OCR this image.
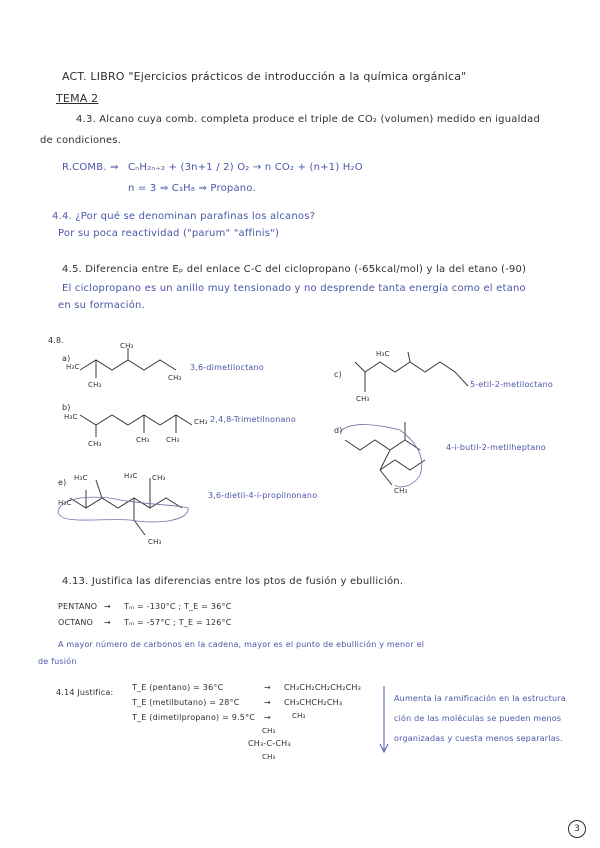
ACT. LIBRO "Ejercicios prácticos de introducción a la química orgánica"
TEMA 2
4.3. Alcano cuya comb. completa produce el triple de CO₂ (volumen) medido en igualdad
de condiciones.
R.COMB. ⇒ CₙH₂ₙ₊₂ + (3n+1 / 2) O₂ → n CO₂ + (n+1) H₂O
n = 3 ⇒ C₃H₈ ⇒ Propano.
4.4. ¿Por qué se denominan parafinas los alcanos?
Por su poca reactividad ("parum" "affinis")
4.5. Diferencia entre Eₚ del enlace C-C del ciclopropano (-65kcal/mol) y la del etano (-90)
El ciclopropano es un anillo muy tensionado y no desprende tanta energía como el etano
en su formación.
4.8.
a)
H₃C
CH₃
CH₃
CH₃
3,6-dimetiloctano
b)
H₃C
CH₃	CH₃ CH₃
CH₃ 2,4,8-Trimetilnonano
c)
H₃C
CH₃
5-etil-2-metiloctano
d)
CH₃
4-i-butil-2-metilheptano
e) H₃C	H₃C
H₃C
CH₃
CH₃
3,6-dietil-4-i-propilnonano
4.13. Justifica las diferencias entre los ptos de fusión y ebullición.
PENTANO → Tₘ = -130°C ; T_E = 36°C
OCTANO → Tₘ = -57°C ; T_E = 126°C
A mayor número de carbonos en la cadena, mayor es el punto de ebullición y menor el
de fusión
4.14 Justifica:
T_E (pentano) = 36°C
T_E (metilbutano) = 28°C
T_E (dimetilpropano) = 9.5°C
→ CH₃CH₂CH₂CH₂CH₃
→ CH₃CHCH₂CH₃
CH₃
→
CH₃
CH₃-C-CH₃
CH₃
Aumenta la ramificación en la estructura
ción de las moléculas se pueden menos
organizadas y cuesta menos separarlas.
3
